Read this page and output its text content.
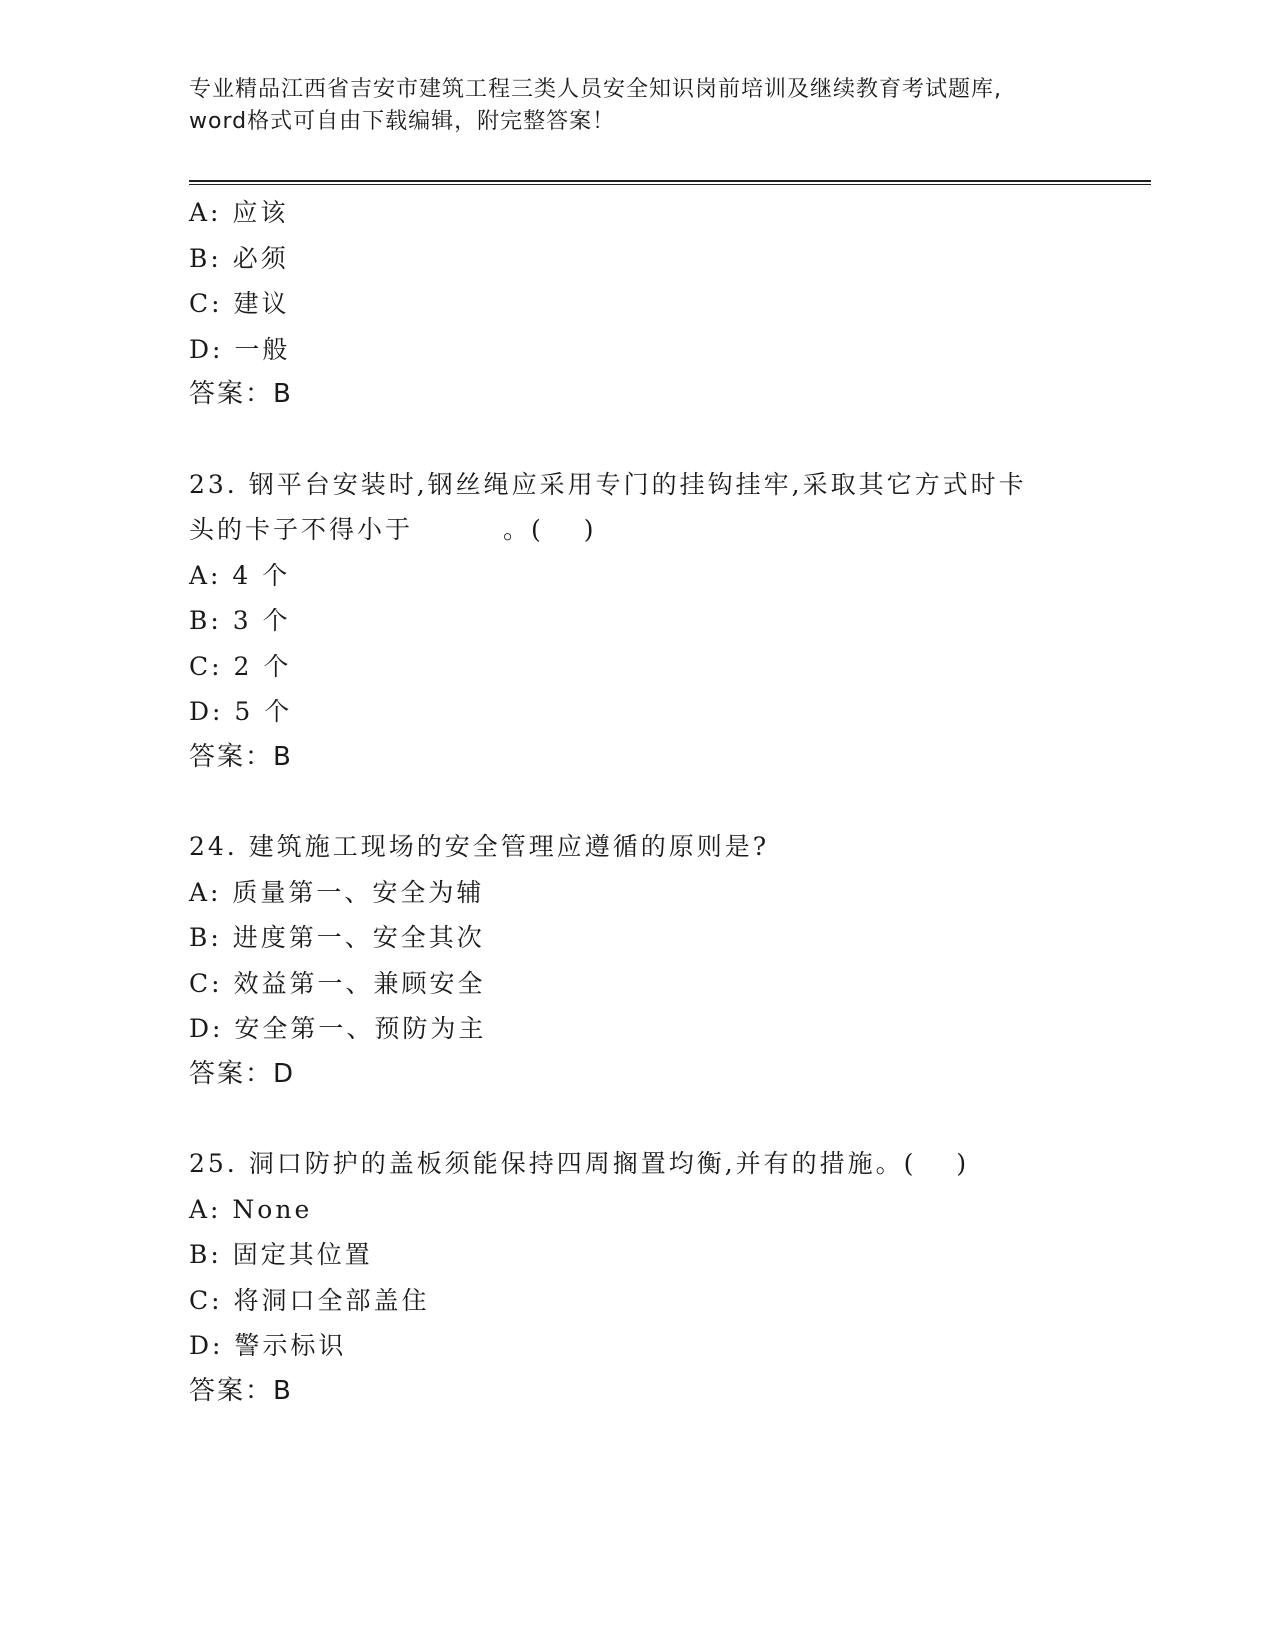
专业精品江西省吉安市建筑工程三类人员安全知识岗前培训及继续教育考试题库,
word格式可自由下载编辑，附完整答案！
A: 应该
B: 必须
C: 建议
D: 一般
答案：B
23. 钢平台安装时,钢丝绳应采用专门的挂钩挂牢,采取其它方式时卡
头的卡子不得小于	。( )
A: 4 个
B: 3 个
C: 2 个
D: 5 个
答案：B
24. 建筑施工现场的安全管理应遵循的原则是?
A: 质量第一、安全为辅
B: 进度第一、安全其次
C: 效益第一、兼顾安全
D: 安全第一、预防为主
答案：D
25. 洞口防护的盖板须能保持四周搁置均衡,并有的措施。( )
A: None
B: 固定其位置
C: 将洞口全部盖住
D: 警示标识
答案：B
